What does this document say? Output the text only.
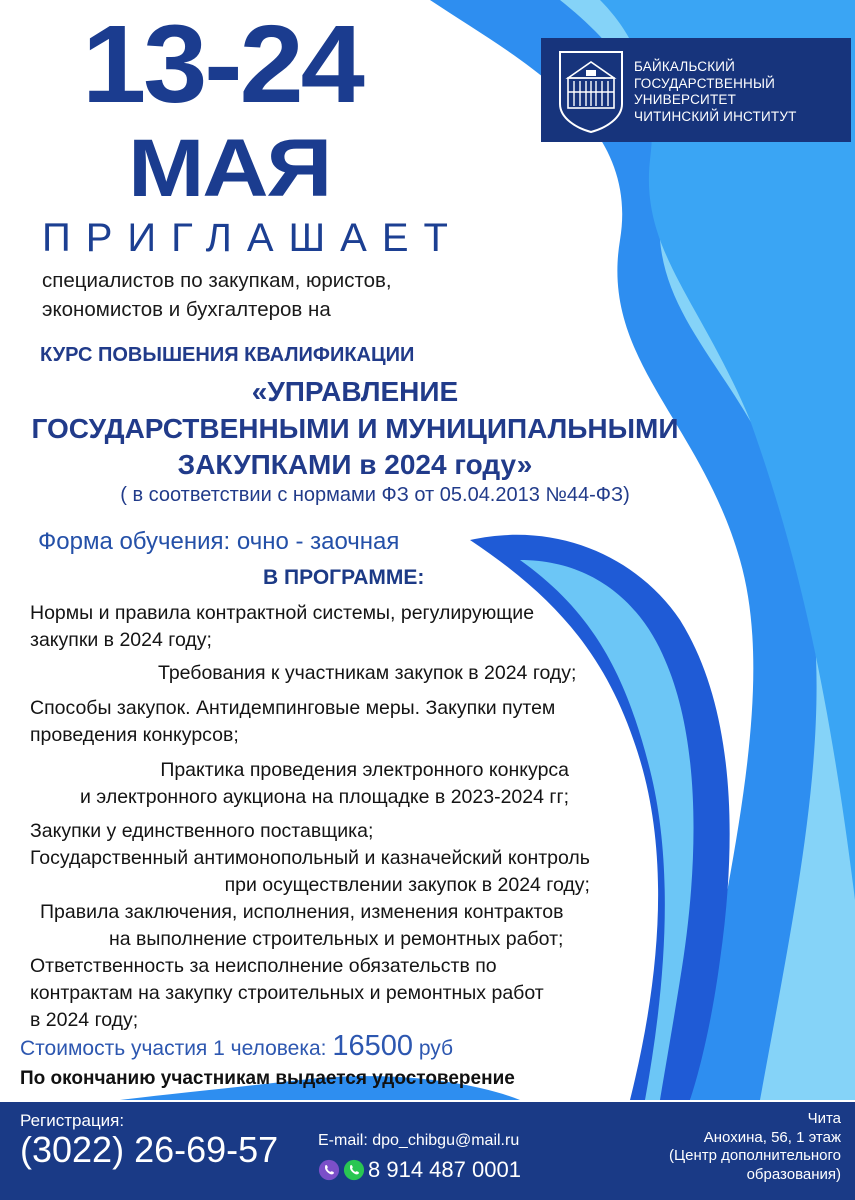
13-24
МАЯ
БАЙКАЛЬСКИЙ
ГОСУДАРСТВЕННЫЙ
УНИВЕРСИТЕТ
ЧИТИНСКИЙ ИНСТИТУТ
ПРИГЛАШАЕТ
специалистов по закупкам, юристов,
экономистов и бухгалтеров на
КУРС ПОВЫШЕНИЯ КВАЛИФИКАЦИИ
«УПРАВЛЕНИЕ
ГОСУДАРСТВЕННЫМИ И МУНИЦИПАЛЬНЫМИ
ЗАКУПКАМИ в 2024 году»
( в соответствии с нормами ФЗ от 05.04.2013 №44-ФЗ)
Форма обучения: очно - заочная
В ПРОГРАММЕ:
Нормы и правила контрактной системы, регулирующие
закупки в 2024 году;
Требования к участникам закупок в 2024 году;
Способы закупок. Антидемпинговые меры. Закупки путем
проведения конкурсов;
Практика проведения электронного конкурса
и электронного аукциона на площадке в 2023-2024 гг;
Закупки у единственного поставщика;
Государственный антимонопольный и казначейский контроль
при осуществлении закупок в 2024 году;
Правила заключения, исполнения, изменения контрактов
на выполнение строительных и ремонтных работ;
Ответственность за неисполнение обязательств по
контрактам на закупку строительных и ремонтных работ
в 2024 году;
Стоимость участия 1 человека: 16500 руб
По окончанию участникам выдается удостоверение
Регистрация:
(3022) 26-69-57 E-mail: dpo_chibgu@mail.ru
8 914 487 0001
Чита
Анохина, 56, 1 этаж
(Центр дополнительного
образования)
